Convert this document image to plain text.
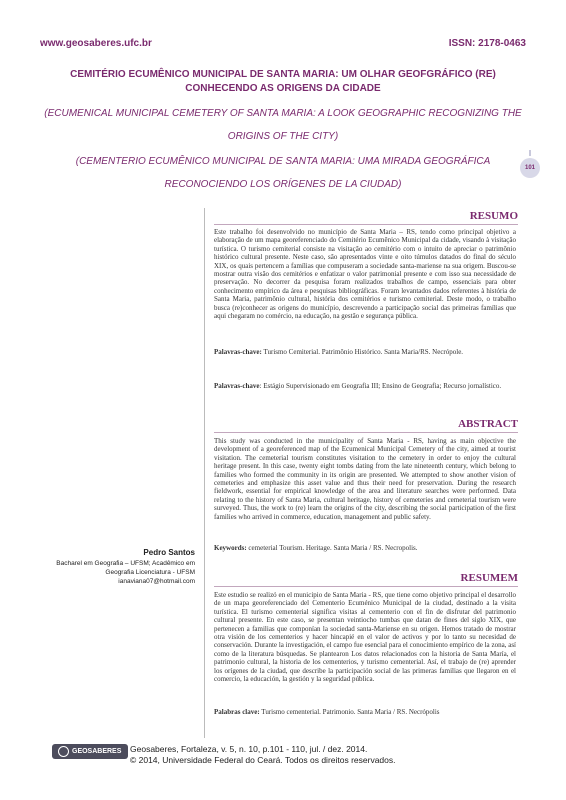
www.geosaberes.ufc.br	ISSN: 2178-0463
CEMITÉRIO ECUMÊNICO MUNICIPAL DE SANTA MARIA: UM OLHAR GEOFGRÁFICO (RE) CONHECENDO AS ORIGENS DA CIDADE
(ECUMENICAL MUNICIPAL CEMETERY OF SANTA MARIA: A LOOK GEOGRAPHIC RECOGNIZING THE ORIGINS OF THE CITY)
(CEMENTERIO ECUMÊNICO MUNICIPAL DE SANTA MARIA: UMA MIRADA GEOGRÁFICA RECONOCIENDO LOS ORÍGENES DE LA CIUDAD)
101
RESUMO
Este trabalho foi desenvolvido no município de Santa Maria – RS, tendo como principal objetivo a elaboração de um mapa georeferenciado do Cemitério Ecumênico Municipal da cidade, visando à visitação turística. O turismo cemiterial consiste na visitação ao cemitério com o intuito de apreciar o patrimônio histórico cultural presente. Neste caso, são apresentados vinte e oito túmulos datados do final do século XIX, os quais pertencem a famílias que compuseram a sociedade santa-mariense na sua origem. Buscou-se mostrar outra visão dos cemitérios e enfatizar o valor patrimonial presente e com isso sua necessidade de preservação. No decorrer da pesquisa foram realizados trabalhos de campo, essenciais para obter conhecimento empírico da área e pesquisas bibliográficas. Foram levantados dados referentes à história de Santa Maria, patrimônio cultural, história dos cemitérios e turismo cemiterial. Deste modo, o trabalho busca (re)conhecer as origens do município, descrevendo a participação social das primeiras famílias que aqui chegaram no comércio, na educação, na gestão e segurança pública.
Palavras-chave: Turismo Cemiterial. Patrimônio Histórico. Santa Maria/RS. Necrópole.
Palavras-chave: Estágio Supervisionado em Geografia III; Ensino de Geografia; Recurso jornalístico.
ABSTRACT
This study was conducted in the municipality of Santa Maria - RS, having as main objective the development of a georeferenced map of the Ecumenical Municipal Cemetery of the city, aimed at tourist visitation. The cemeterial tourism constitutes visitation to the cemetery in order to enjoy the cultural heritage present. In this case, twenty eight tombs dating from the late nineteenth century, which belong to families who formed the community in its origin are presented. We attempted to show another vision of cemeteries and emphasize this asset value and thus their need for preservation. During the research fieldwork, essential for empirical knowledge of the area and literature searches were performed. Data relating to the history of Santa Maria, cultural heritage, history of cemeteries and cemeterial tourism were surveyed. Thus, the work to (re) learn the origins of the city, describing the social participation of the first families who arrived in commerce, education, management and public safety.
Keywords: cemeterial Tourism. Heritage. Santa Maria / RS. Necropolis.
RESUMEM
Este estudio se realizó en el municipio de Santa Maria - RS, que tiene como objetivo principal el desarrollo de un mapa georeferenciado del Cementerio Ecuménico Municipal de la ciudad, destinado a la visita turística. El turismo cementerial significa visitas al cementerio con el fin de disfrutar del patrimonio cultural presente. En este caso, se presentan veintiocho tumbas que datan de fines del siglo XIX, que pertenecen a familias que componían la sociedad santa-Mariense en su origen. Hemos tratado de mostrar otra visión de los cementerios y hacer hincapié en el valor de activos y por lo tanto su necesidad de conservación. Durante la investigación, el campo fue esencial para el conocimiento empírico de la zona, así como de la literatura búsquedas. Se plantearon Los datos relacionados con la historia de Santa María, el patrimonio cultural, la historia de los cementerios, y turismo cementerial. Así, el trabajo de (re) aprender los orígenes de la ciudad, que describe la participación social de las primeras familias que llegaron en el comercio, la educación, la gestión y la seguridad pública.
Palabras clave: Turismo cementerial. Patrimonio. Santa Maria / RS. Necrópolis
Pedro Santos
Bacharel em Geografia – UFSM; Acadêmico em
Geografia Licenciatura - UFSM
ianaviana07@hotmail.com
GEOSABERES Geosaberes, Fortaleza, v. 5, n. 10, p.101 - 110, jul. / dez. 2014.
© 2014, Universidade Federal do Ceará. Todos os direitos reservados.
